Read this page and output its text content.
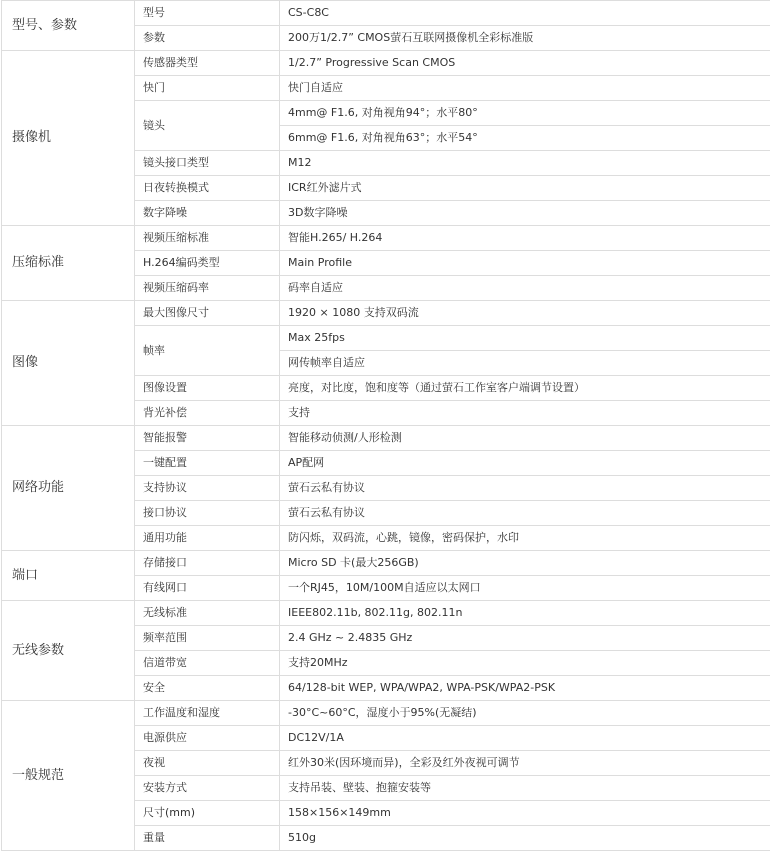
型号、参数	型号	CS-C8C
	参数	200万1/2.7” CMOS萤石互联网摄像机全彩标准版
摄像机	传感器类型	1/2.7” Progressive Scan CMOS
	快门	快门自适应
	镜头	4mm@ F1.6, 对角视角94°；水平80°
		6mm@ F1.6, 对角视角63°；水平54°
	镜头接口类型	M12
	日夜转换模式	ICR红外滤片式
	数字降噪	3D数字降噪
压缩标准	视频压缩标准	智能H.265/ H.264
	H.264编码类型	Main Profile
	视频压缩码率	码率自适应
图像	最大图像尺寸	1920 × 1080 支持双码流
	帧率	Max 25fps
		网传帧率自适应
	图像设置	亮度，对比度，饱和度等（通过萤石工作室客户端调节设置）
	背光补偿	支持
网络功能	智能报警	智能移动侦测/人形检测
	一键配置	AP配网
	支持协议	萤石云私有协议
	接口协议	萤石云私有协议
	通用功能	防闪烁，双码流，心跳，镜像，密码保护，水印
端口	存储接口	Micro SD 卡(最大256GB)
	有线网口	一个RJ45，10M/100M自适应以太网口
无线参数	无线标准	IEEE802.11b, 802.11g, 802.11n
	频率范围	2.4 GHz ~ 2.4835 GHz
	信道带宽	支持20MHz
	安全	64/128-bit WEP, WPA/WPA2, WPA-PSK/WPA2-PSK
一般规范	工作温度和湿度	-30°C~60°C，湿度小于95%(无凝结)
	电源供应	DC12V/1A
	夜视	红外30米(因环境而异)，全彩及红外夜视可调节
	安装方式	支持吊装、壁装、抱箍安装等
	尺寸(mm)	158×156×149mm
	重量	510g
